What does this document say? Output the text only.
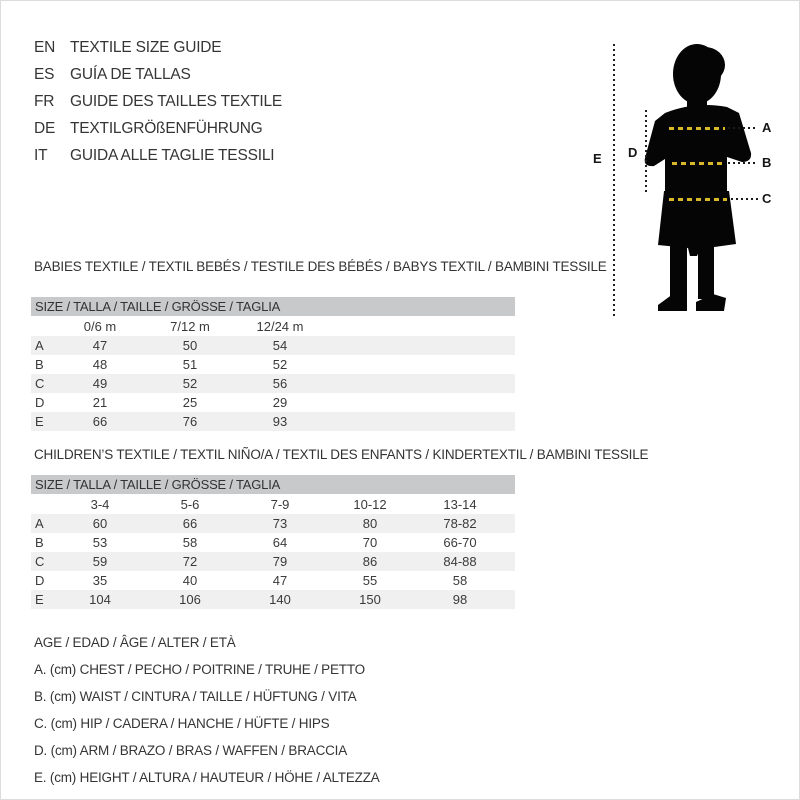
EN TEXTILE SIZE GUIDE
ES	GUÍA DE TALLAS
FR	GUIDE DES TAILLES TEXTILE
DE TEXTILGRÖßENFÜHRUNG
IT	GUIDA ALLE TAGLIE TESSILI
A
B
C
D
E
BABIES TEXTILE / TEXTIL BEBÉS / TESTILE DES BÉBÉS / BABYS TEXTIL / BAMBINI TESSILE
SIZE / TALLA / TAILLE / GRÖSSE / TAGLIA
	0/6 m	7/12 m	12/24 m	
A	47	50	54	
B	48	51	52	
C	49	52	56	
D	21	25	29	
E	66	76	93	
CHILDREN’S TEXTILE / TEXTIL NIÑO/A / TEXTIL DES ENFANTS / KINDERTEXTIL / BAMBINI TESSILE
SIZE / TALLA / TAILLE / GRÖSSE / TAGLIA
	3-4	5-6	7-9	10-12	13-14	
A	60	66	73	80	78-82	
B	53	58	64	70	66-70	
C	59	72	79	86	84-88	
D	35	40	47	55	58	
E	104	106	140	150	98	
AGE / EDAD / ÂGE / ALTER / ETÀ
A. (cm) CHEST / PECHO / POITRINE / TRUHE / PETTO
B. (cm) WAIST / CINTURA / TAILLE / HÜFTUNG / VITA
C. (cm) HIP / CADERA / HANCHE / HÜFTE / HIPS
D. (cm) ARM / BRAZO / BRAS / WAFFEN / BRACCIA
E. (cm) HEIGHT / ALTURA / HAUTEUR / HÖHE / ALTEZZA
